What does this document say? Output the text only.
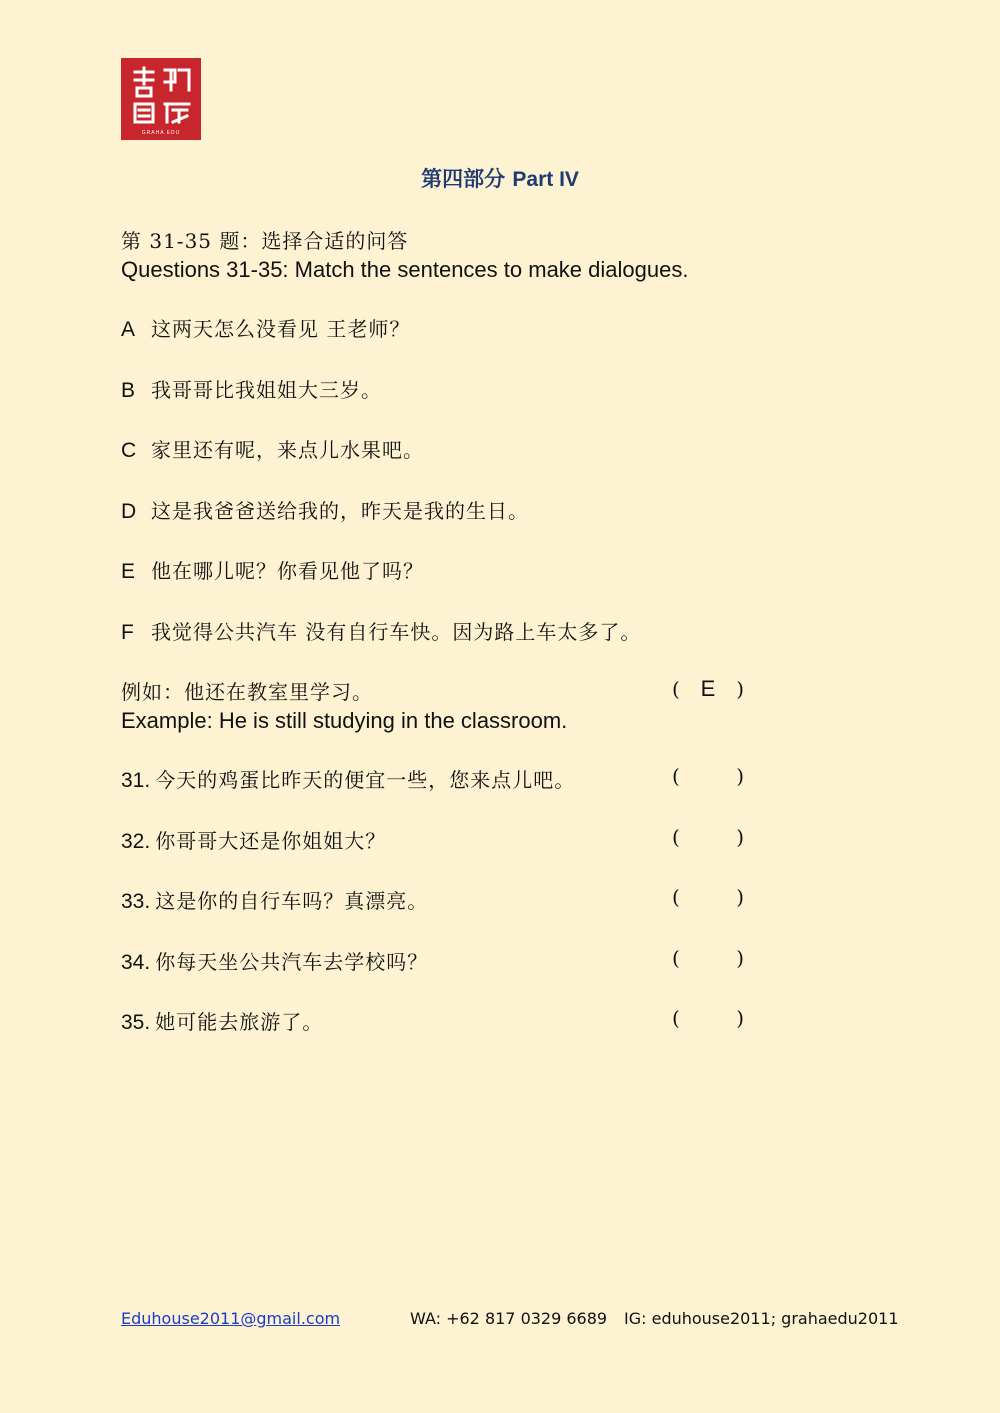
GRAHA EDU
第四部分 Part IV
第 31-35 题：选择合适的问答
Questions 31-35: Match the sentences to make dialogues.
A 这两天怎么没看见 王老师？
B 我哥哥比我姐姐大三岁。
C 家里还有呢，来点儿水果吧。
D 这是我爸爸送给我的，昨天是我的生日。
E 他在哪儿呢？你看见他了吗？
F 我觉得公共汽车 没有自行车快。因为路上车太多了。
例如：他还在教室里学习。	( E )
Example: He is still studying in the classroom.
31. 今天的鸡蛋比昨天的便宜一些，您来点儿吧。	(	)
32. 你哥哥大还是你姐姐大？	(	)
33. 这是你的自行车吗？真漂亮。	(	)
34. 你每天坐公共汽车去学校吗？	(	)
35. 她可能去旅游了。	(	)
Eduhouse2011@gmail.com	WA: +62 817 0329 6689 IG: eduhouse2011; grahaedu2011
